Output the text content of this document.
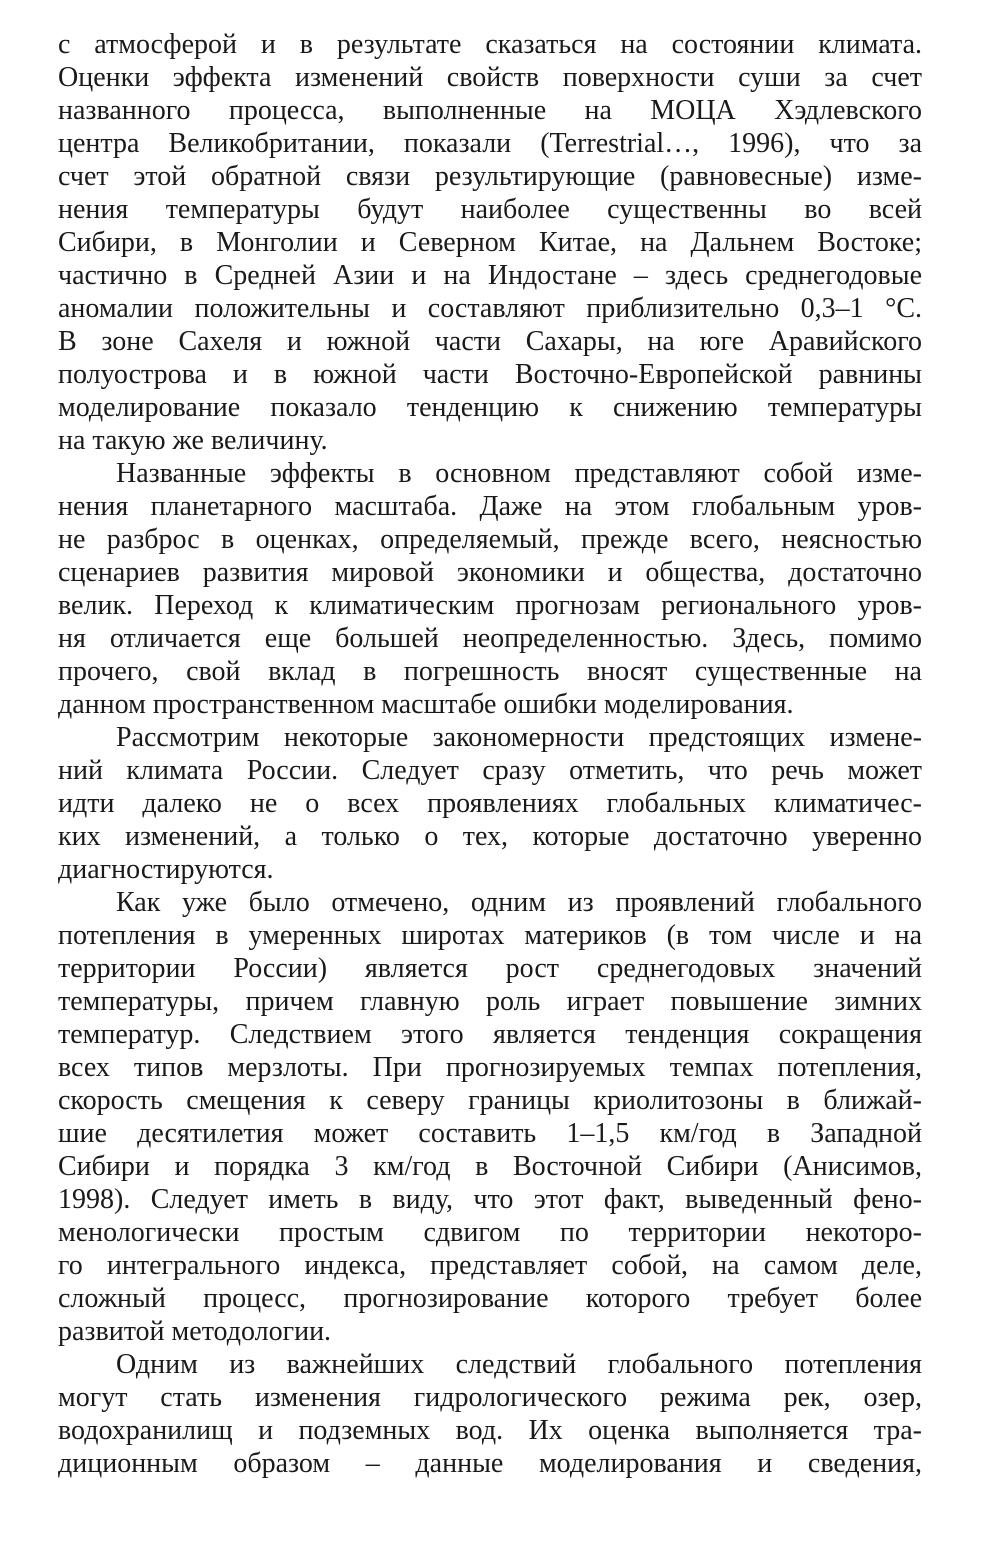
с атмосферой и в результате сказаться на состоянии климата.
Оценки эффекта изменений свойств поверхности суши за счет
названного процесса, выполненные на МОЦА Хэдлевского
центра Великобритании, показали (Terrestrial…, 1996), что за
счет этой обратной связи результирующие (равновесные) изме-
нения температуры будут наиболее существенны во всей
Сибири, в Монголии и Северном Китае, на Дальнем Востоке;
частично в Средней Азии и на Индостане – здесь среднегодовые
аномалии положительны и составляют приблизительно 0,3–1 °С.
В зоне Сахеля и южной части Сахары, на юге Аравийского
полуострова и в южной части Восточно-Европейской равнины
моделирование показало тенденцию к снижению температуры
на такую же величину.
Названные эффекты в основном представляют собой изме-
нения планетарного масштаба. Даже на этом глобальным уров-
не разброс в оценках, определяемый, прежде всего, неясностью
сценариев развития мировой экономики и общества, достаточно
велик. Переход к климатическим прогнозам регионального уров-
ня отличается еще большей неопределенностью. Здесь, помимо
прочего, свой вклад в погрешность вносят существенные на
данном пространственном масштабе ошибки моделирования.
Рассмотрим некоторые закономерности предстоящих измене-
ний климата России. Следует сразу отметить, что речь может
идти далеко не о всех проявлениях глобальных климатичес-
ких изменений, а только о тех, которые достаточно уверенно
диагностируются.
Как уже было отмечено, одним из проявлений глобального
потепления в умеренных широтах материков (в том числе и на
территории России) является рост среднегодовых значений
температуры, причем главную роль играет повышение зимних
температур. Следствием этого является тенденция сокращения
всех типов мерзлоты. При прогнозируемых темпах потепления,
скорость смещения к северу границы криолитозоны в ближай-
шие десятилетия может составить 1–1,5 км/год в Западной
Сибири и порядка 3 км/год в Восточной Сибири (Анисимов,
1998). Следует иметь в виду, что этот факт, выведенный фено-
менологически простым сдвигом по территории некоторо-
го интегрального индекса, представляет собой, на самом деле,
сложный процесс, прогнозирование которого требует более
развитой методологии.
Одним из важнейших следствий глобального потепления
могут стать изменения гидрологического режима рек, озер,
водохранилищ и подземных вод. Их оценка выполняется тра-
диционным образом – данные моделирования и сведения,
